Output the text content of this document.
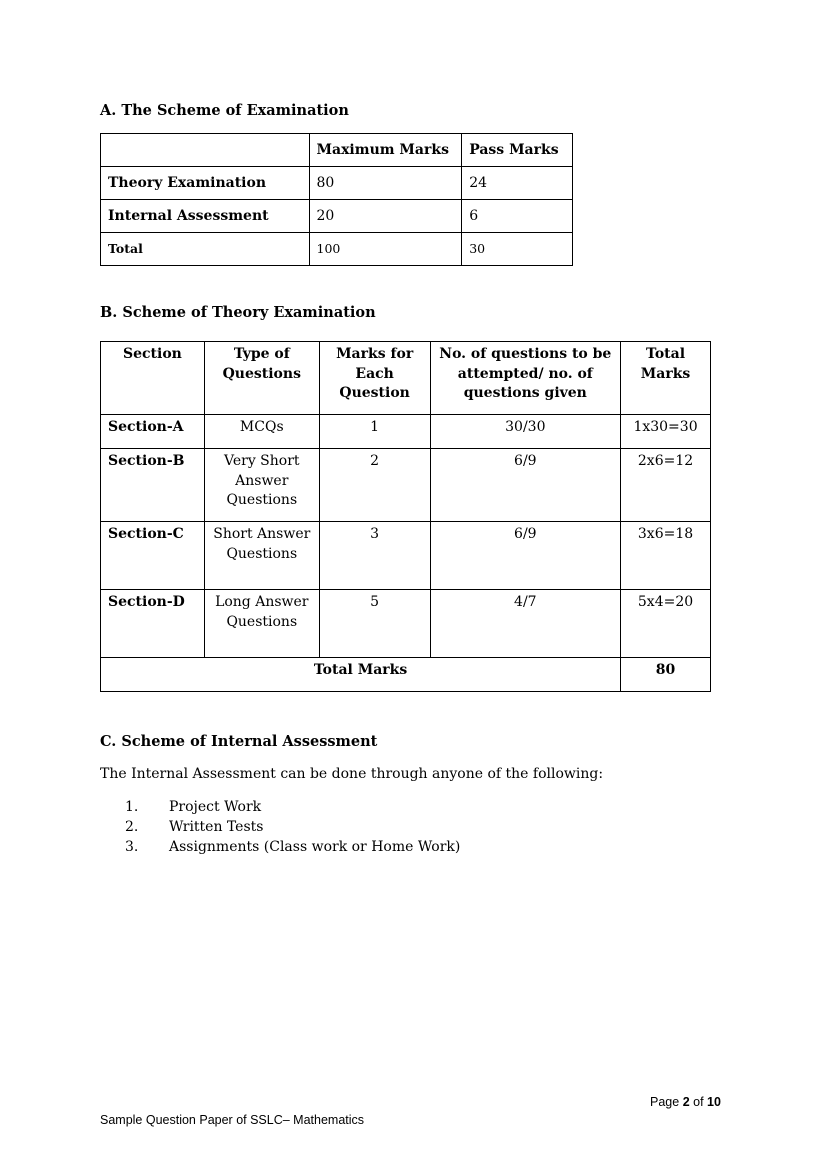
A. The Scheme of Examination
	Maximum Marks	Pass Marks
Theory Examination	80	24
Internal Assessment	20	6
Total	100	30
B. Scheme of Theory Examination
Section	Type of Questions	Marks for Each Question	No. of questions to be attempted/ no. of questions given	Total Marks
Section-A	MCQs	1	30/30	1x30=30
Section-B	Very Short Answer Questions	2	6/9	2x6=12
Section-C	Short Answer Questions	3	6/9	3x6=18
Section-D	Long Answer Questions	5	4/7	5x4=20
Total Marks				80
C. Scheme of Internal Assessment

The Internal Assessment can be done through anyone of the following:

1. Project Work
2. Written Tests
3. Assignments (Class work or Home Work)
Page 2 of 10
Sample Question Paper of SSLC– Mathematics
